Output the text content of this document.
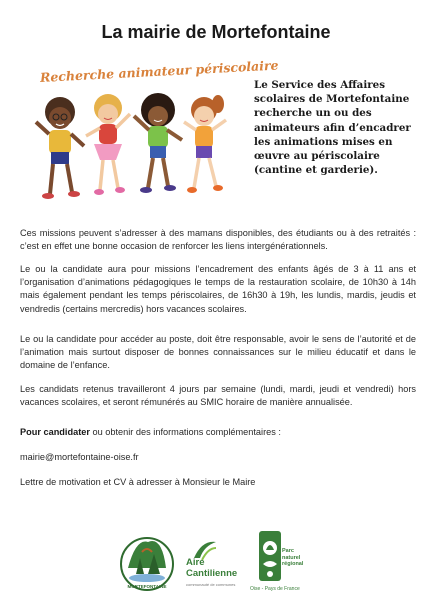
La mairie de Mortefontaine
Recherche animateur périscolaire

Le Service des Affaires scolaires de Mortefontaine recherche un ou des animateurs afin d’encadrer les animations mises en œuvre au périscolaire (cantine et garderie).

Ces missions peuvent s’adresser à des mamans disponibles, des étudiants ou à des retraités : c’est en effet une bonne occasion de renforcer les liens intergénérationnels.

Le ou la candidate aura pour missions l’encadrement des enfants âgés de 3 à 11 ans et l’organisation d’animations pédagogiques le temps de la restauration scolaire, de 10h30 à 14h mais également pendant les temps périscolaires, de 16h30 à 19h, les lundis, mardis, jeudis et vendredis (certains mercredis) hors vacances scolaires.

Le ou la candidate pour accéder au poste, doit être responsable, avoir le sens de l’autorité et de l’animation mais surtout disposer de bonnes connaissances sur le milieu éducatif et dans le domaine de l’enfance.

Les candidats retenus travailleront 4 jours par semaine (lundi, mardi, jeudi et vendredi) hors vacances scolaires, et seront rémunérés au SMIC horaire de manière annualisée.

Pour candidater ou obtenir des informations complémentaires :

mairie@mortefontaine-oise.fr

Lettre de motivation et CV à adresser à Monsieur le Maire

MORTEFONTAINE
Aire
Cantilienne
communauté de communes
Parc
naturel
régional
Oise - Pays de France
